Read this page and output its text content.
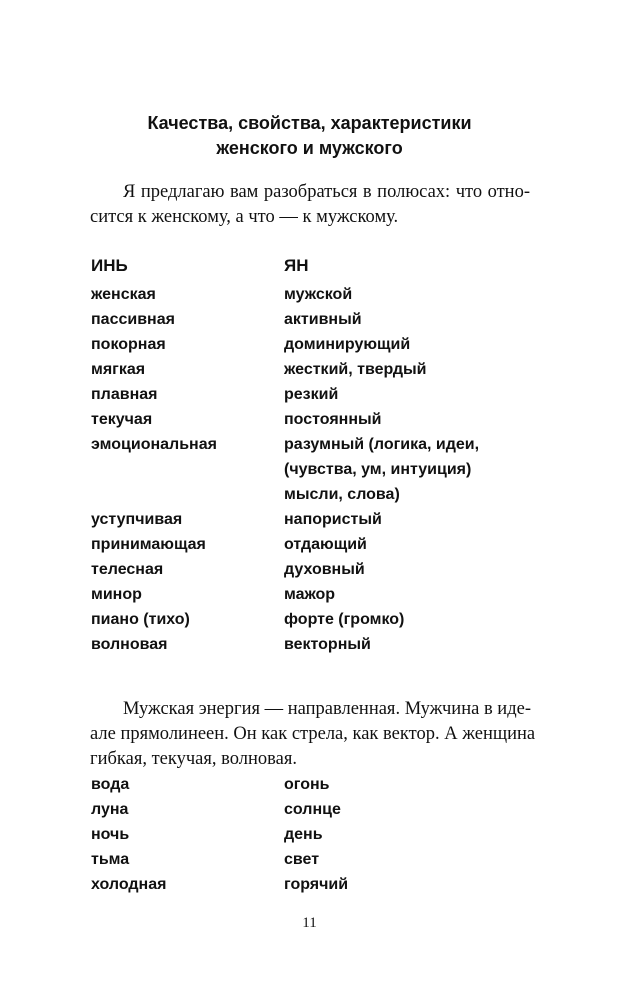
Качества, свойства, характеристики
женского и мужского
Я предлагаю вам разобраться в полюсах: что отно-
сится к женскому, а что — к мужскому.
ИНЬ	ЯН
женская	мужской
пассивная	активный
покорная	доминирующий
мягкая	жесткий, твердый
плавная	резкий
текучая	постоянный
эмоциональная	разумный (логика, идеи,
(чувства, ум, интуиция)
мысли, слова)
уступчивая	напористый
принимающая	отдающий
телесная	духовный
минор	мажор
пиано (тихо)	форте (громко)
волновая	векторный
Мужская энергия — направленная. Мужчина в иде-
але прямолинеен. Он как стрела, как вектор. А женщина
гибкая, текучая, волновая.
вода	огонь
луна	солнце
ночь	день
тьма	свет
холодная	горячий
11
